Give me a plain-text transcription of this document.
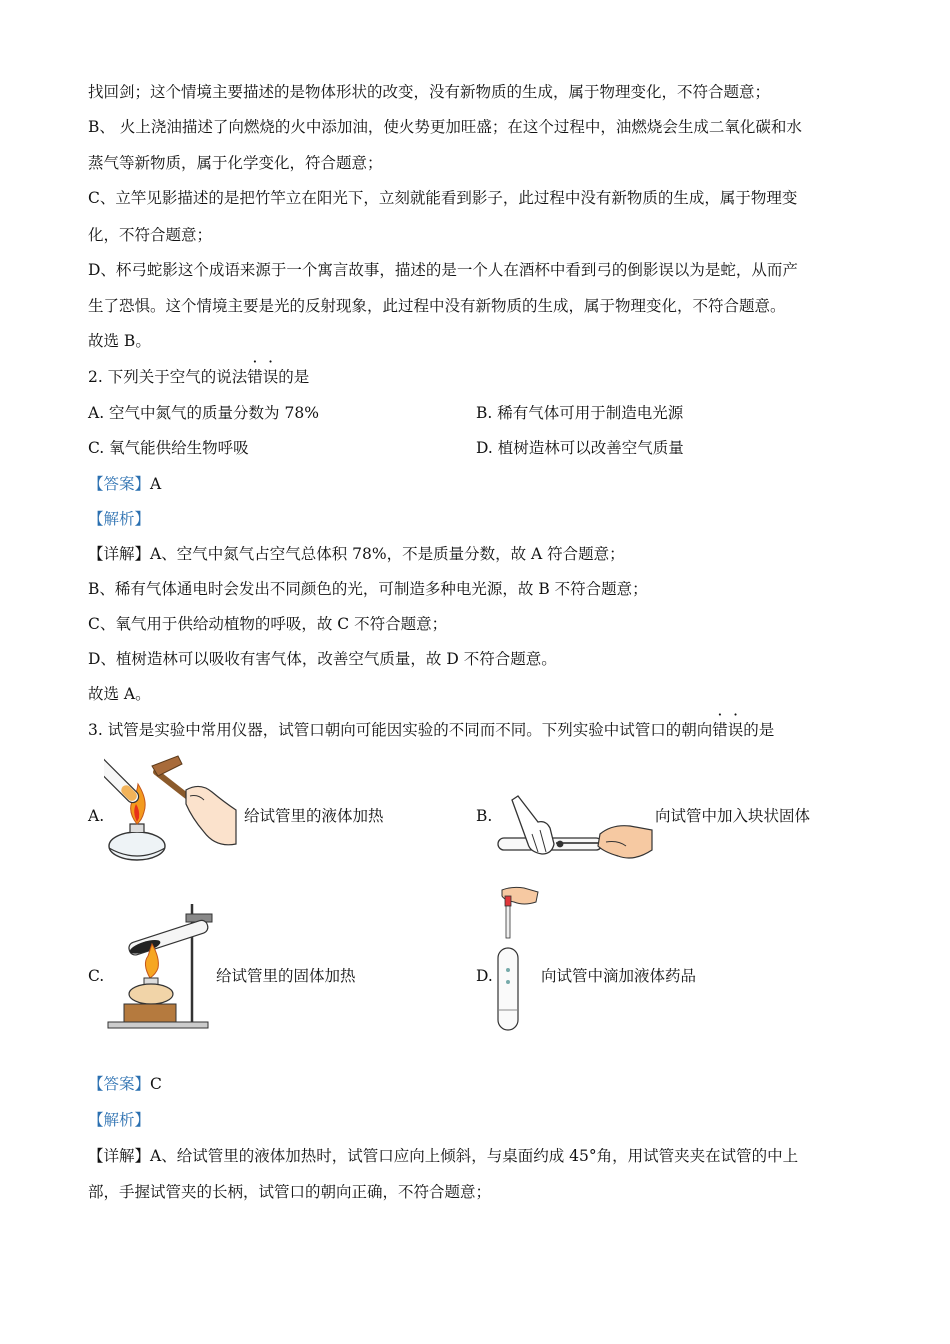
找回剑；这个情境主要描述的是物体形状的改变，没有新物质的生成，属于物理变化，不符合题意；
B、 火上浇油描述了向燃烧的火中添加油，使火势更加旺盛；在这个过程中，油燃烧会生成二氧化碳和水
蒸气等新物质，属于化学变化，符合题意；
C、立竿见影描述的是把竹竿立在阳光下，立刻就能看到影子，此过程中没有新物质的生成，属于物理变
化，不符合题意；
D、杯弓蛇影这个成语来源于一个寓言故事，描述的是一个人在酒杯中看到弓的倒影误以为是蛇，从而产
生了恐惧。这个情境主要是光的反射现象，此过程中没有新物质的生成，属于物理变化，不符合题意。
故选 B。
2. 下列关于空气的说法错误的是
A. 空气中氮气的质量分数为 78%	B. 稀有气体可用于制造电光源
C. 氧气能供给生物呼吸	D. 植树造林可以改善空气质量
【答案】A
【解析】
【详解】A、空气中氮气占空气总体积 78%，不是质量分数，故 A 符合题意；
B、稀有气体通电时会发出不同颜色的光，可制造多种电光源，故 B 不符合题意；
C、氧气用于供给动植物的呼吸，故 C 不符合题意；
D、植树造林可以吸收有害气体，改善空气质量，故 D 不符合题意。
故选 A。
3. 试管是实验中常用仪器，试管口朝向可能因实验的不同而不同。下列实验中试管口的朝向错误的是
A.	给试管里的液体加热	B.	向试管中加入块状固体
C.	给试管里的固体加热	D.	向试管中滴加液体药品
【答案】C
【解析】
【详解】A、给试管里的液体加热时，试管口应向上倾斜，与桌面约成 45°角，用试管夹夹在试管的中上
部，手握试管夹的长柄，试管口的朝向正确，不符合题意；
